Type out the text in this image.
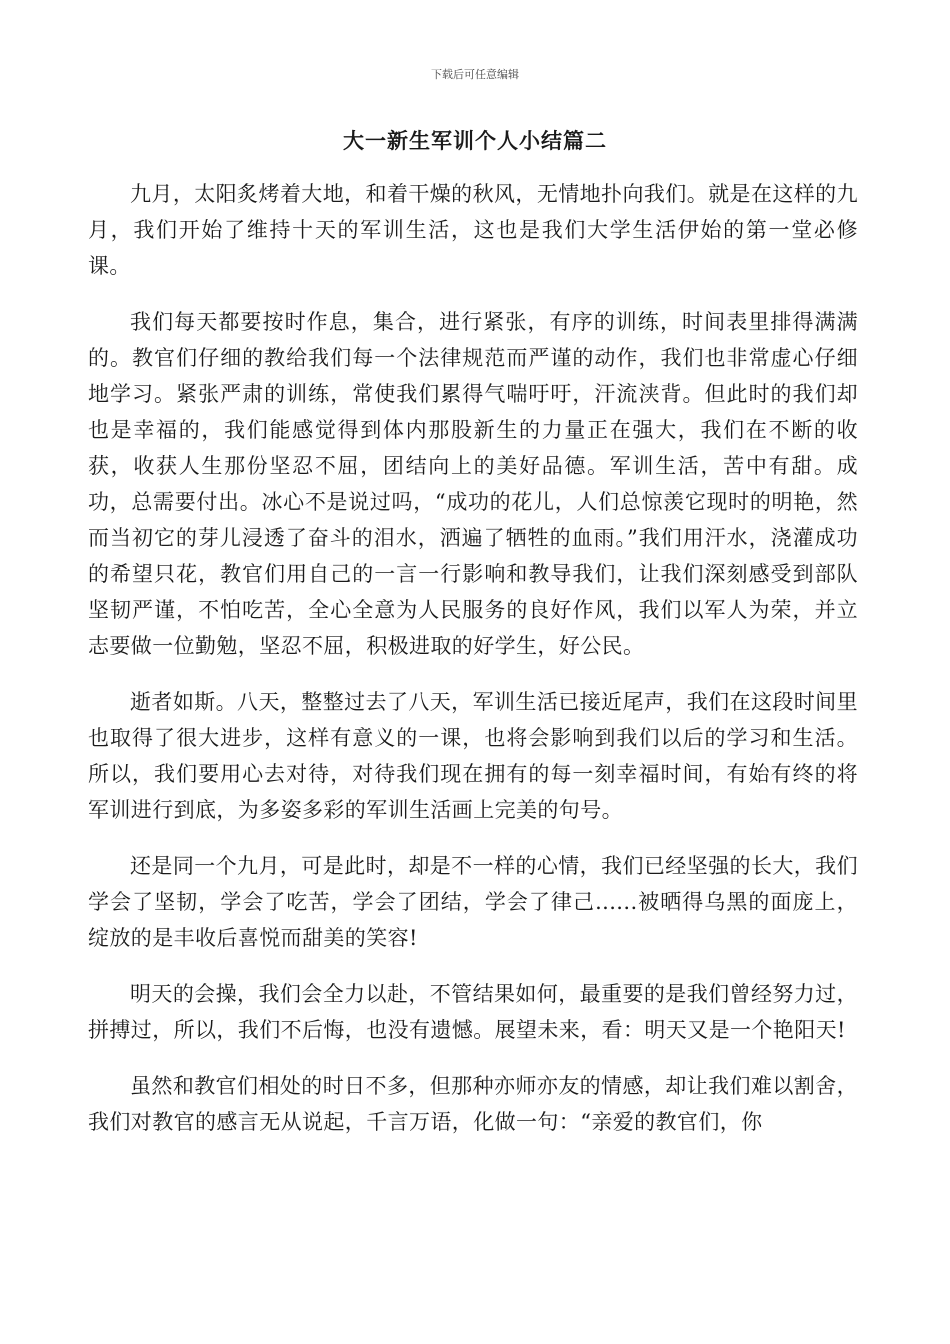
下载后可任意编辑
大一新生军训个人小结篇二

九月，太阳炙烤着大地，和着干燥的秋风，无情地扑向我们。就是在这样的九月，我们开始了维持十天的军训生活，这也是我们大学生活伊始的第一堂必修课。

我们每天都要按时作息，集合，进行紧张，有序的训练，时间表里排得满满的。教官们仔细的教给我们每一个法律规范而严谨的动作，我们也非常虚心仔细地学习。紧张严肃的训练，常使我们累得气喘吁吁，汗流浃背。但此时的我们却也是幸福的，我们能感觉得到体内那股新生的力量正在强大，我们在不断的收获，收获人生那份坚忍不屈，团结向上的美好品德。军训生活，苦中有甜。成功，总需要付出。冰心不是说过吗，“成功的花儿，人们总惊羡它现时的明艳，然而当初它的芽儿浸透了奋斗的泪水，洒遍了牺牲的血雨。”我们用汗水，浇灌成功的希望只花，教官们用自己的一言一行影响和教导我们，让我们深刻感受到部队坚韧严谨，不怕吃苦，全心全意为人民服务的良好作风，我们以军人为荣，并立志要做一位勤勉，坚忍不屈，积极进取的好学生，好公民。

逝者如斯。八天，整整过去了八天，军训生活已接近尾声，我们在这段时间里也取得了很大进步，这样有意义的一课，也将会影响到我们以后的学习和生活。所以，我们要用心去对待，对待我们现在拥有的每一刻幸福时间，有始有终的将军训进行到底，为多姿多彩的军训生活画上完美的句号。

还是同一个九月，可是此时，却是不一样的心情，我们已经坚强的长大，我们学会了坚韧，学会了吃苦，学会了团结，学会了律己......被晒得乌黑的面庞上，绽放的是丰收后喜悦而甜美的笑容!

明天的会操，我们会全力以赴，不管结果如何，最重要的是我们曾经努力过，拼搏过，所以，我们不后悔，也没有遗憾。展望未来，看：明天又是一个艳阳天!

虽然和教官们相处的时日不多，但那种亦师亦友的情感，却让我们难以割舍，我们对教官的感言无从说起，千言万语，化做一句：“亲爱的教官们，你
